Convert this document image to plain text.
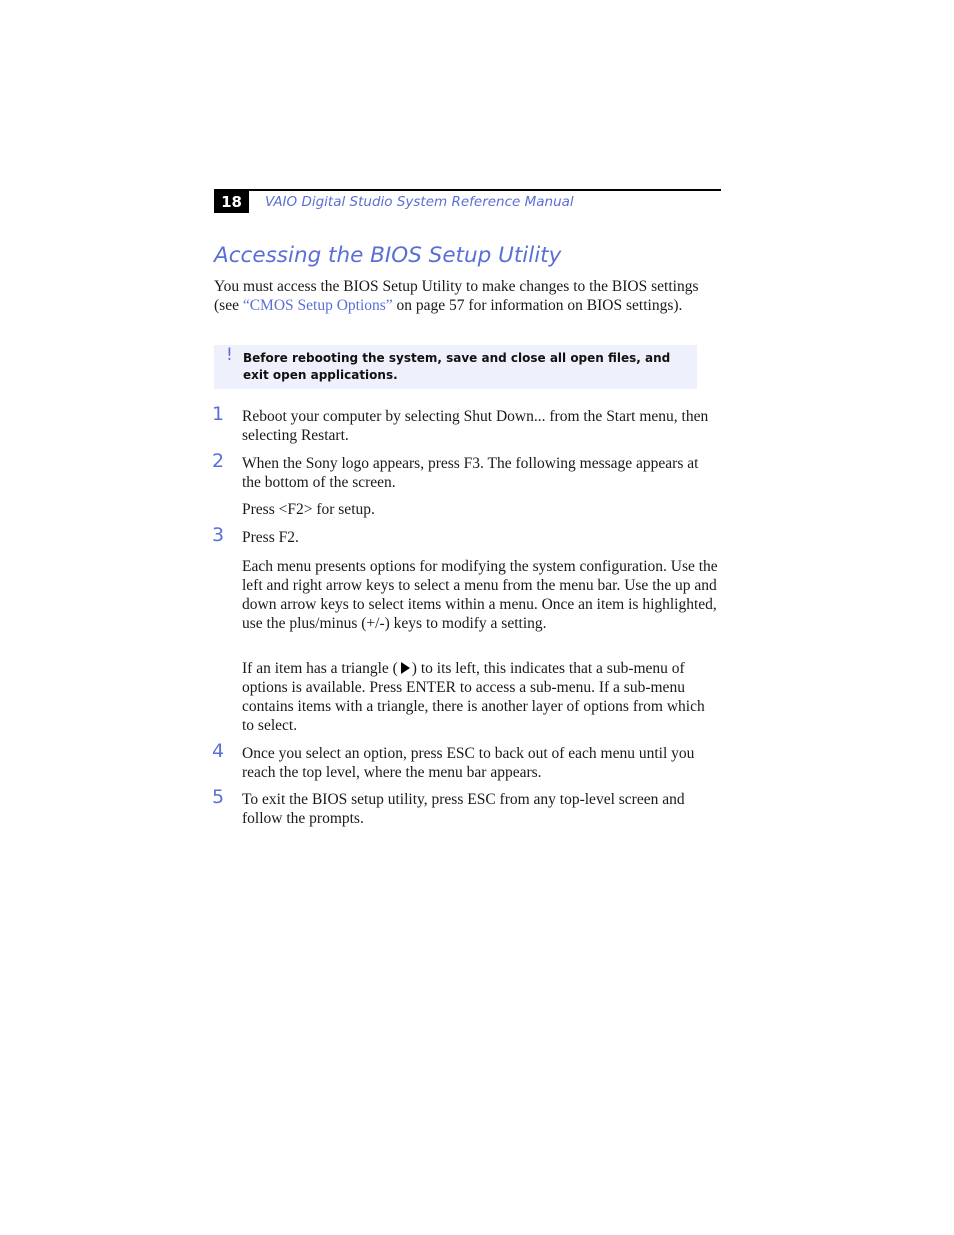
18	VAIO Digital Studio System Reference Manual
Accessing the BIOS Setup Utility

You must access the BIOS Setup Utility to make changes to the BIOS settings (see “CMOS Setup Options” on page 57 for information on BIOS settings).

! Before rebooting the system, save and close all open files, and exit open applications.

1 Reboot your computer by selecting Shut Down... from the Start menu, then selecting Restart.

2 When the Sony logo appears, press F3. The following message appears at the bottom of the screen.

Press <F2> for setup.

3 Press F2.

Each menu presents options for modifying the system configuration. Use the left and right arrow keys to select a menu from the menu bar. Use the up and down arrow keys to select items within a menu. Once an item is highlighted, use the plus/minus (+/-) keys to modify a setting.

If an item has a triangle ( ) to its left, this indicates that a sub-menu of options is available. Press ENTER to access a sub-menu. If a sub-menu contains items with a triangle, there is another layer of options from which to select.

4 Once you select an option, press ESC to back out of each menu until you reach the top level, where the menu bar appears.

5 To exit the BIOS setup utility, press ESC from any top-level screen and follow the prompts.
